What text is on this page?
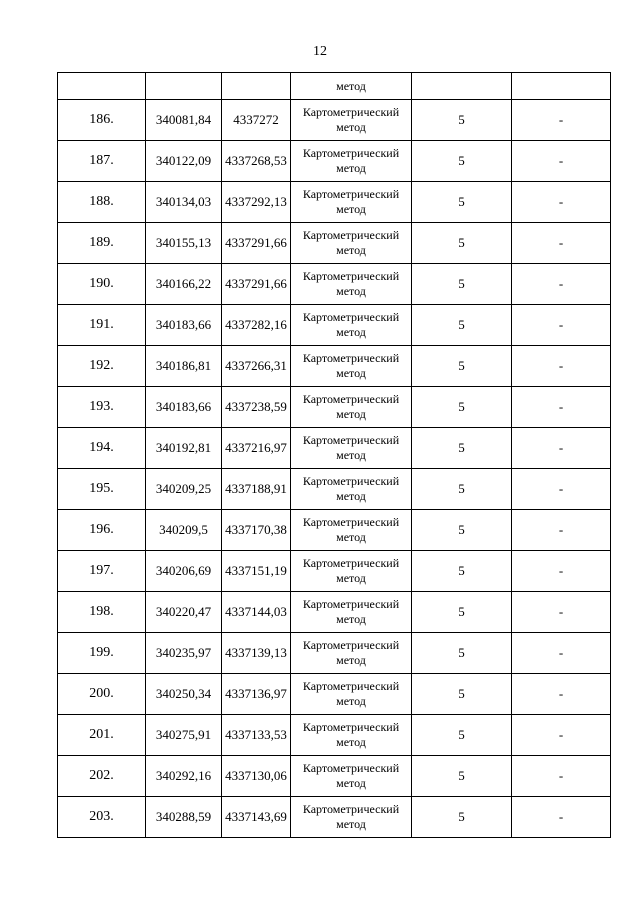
12
			метод		
186.	340081,84	4337272	Картометрический
метод	5	-
187.	340122,09	4337268,53	Картометрический
метод	5	-
188.	340134,03	4337292,13	Картометрический
метод	5	-
189.	340155,13	4337291,66	Картометрический
метод	5	-
190.	340166,22	4337291,66	Картометрический
метод	5	-
191.	340183,66	4337282,16	Картометрический
метод	5	-
192.	340186,81	4337266,31	Картометрический
метод	5	-
193.	340183,66	4337238,59	Картометрический
метод	5	-
194.	340192,81	4337216,97	Картометрический
метод	5	-
195.	340209,25	4337188,91	Картометрический
метод	5	-
196.	340209,5	4337170,38	Картометрический
метод	5	-
197.	340206,69	4337151,19	Картометрический
метод	5	-
198.	340220,47	4337144,03	Картометрический
метод	5	-
199.	340235,97	4337139,13	Картометрический
метод	5	-
200.	340250,34	4337136,97	Картометрический
метод	5	-
201.	340275,91	4337133,53	Картометрический
метод	5	-
202.	340292,16	4337130,06	Картометрический
метод	5	-
203.	340288,59	4337143,69	Картометрический
метод	5	-
